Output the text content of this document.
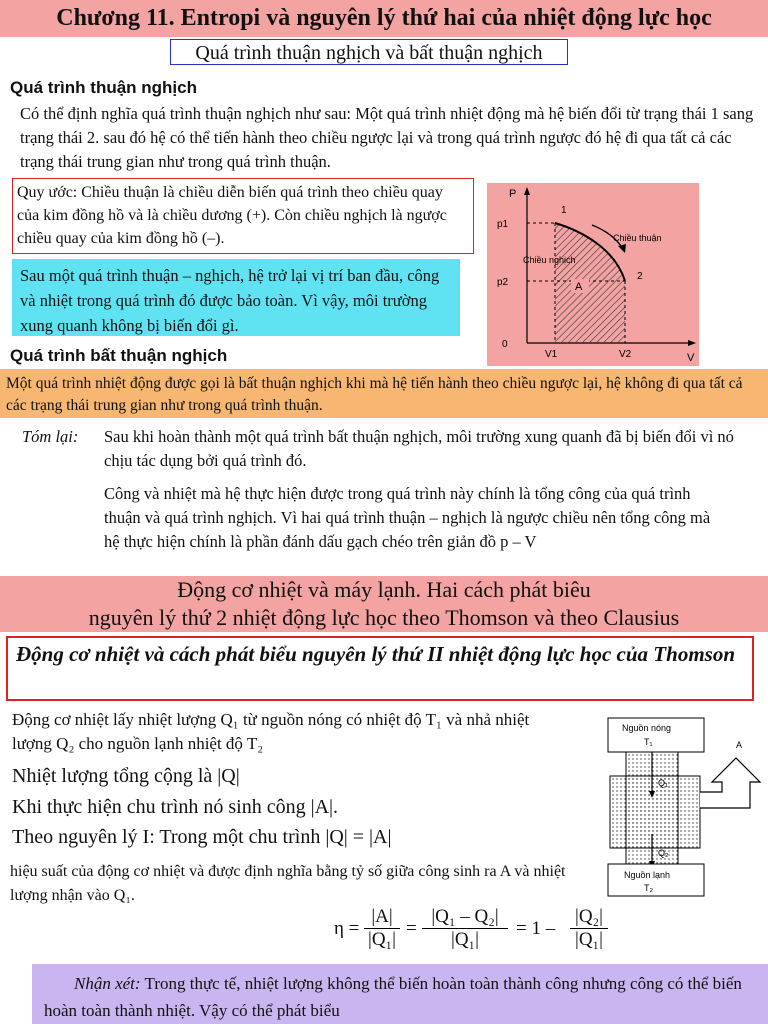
Chương 11. Entropi và nguyên lý thứ hai của nhiệt động lực học
Quá trình thuận nghịch và bất thuận nghịch
Quá trình thuận nghịch
Có thể định nghĩa quá trình thuận nghịch như sau: Một quá trình nhiệt động mà hệ biến đổi từ trạng thái 1 sang trạng thái 2. sau đó hệ có thể tiến hành theo chiều ngược lại và trong quá trình ngược đó hệ đi qua tất cả các trạng thái trung gian như trong quá trình thuận.
Quy ước: Chiều thuận là chiều diễn biến quá trình theo chiều quay của kim đồng hồ và là chiều dương (+). Còn chiều nghịch là ngược chiều quay của kim đồng hồ (–).
Sau một quá trình thuận – nghịch, hệ trở lại vị trí ban đầu, công và nhiệt trong quá trình đó được bảo toàn. Vì vậy, môi trường xung quanh không bị biến đổi gì.
P
V
0
p1
p2
V1	V2
1
2
Chiều thuận
Chiều nghịch
A
Quá trình bất thuận nghịch
Một quá trình nhiệt động được gọi là bất thuận nghịch khi mà hệ tiến hành theo chiều ngược lại, hệ không đi qua tất cả các trạng thái trung gian như trong quá trình thuận.
Tóm lại: Sau khi hoàn thành một quá trình bất thuận nghịch, môi trường xung quanh đã bị biến đổi vì nó chịu tác dụng bởi quá trình đó.
Công và nhiệt mà hệ thực hiện được trong quá trình này chính là tổng công của quá trình thuận và quá trình nghịch. Vì hai quá trình thuận – nghịch là ngược chiều nên tổng công mà hệ thực hiện chính là phần đánh dấu gạch chéo trên giản đồ p – V
Động cơ nhiệt và máy lạnh. Hai cách phát biêu
nguyên lý thứ 2 nhiệt động lực học theo Thomson và theo Clausius
Động cơ nhiệt và cách phát biểu nguyên lý thứ II nhiệt động lực học của Thomson
Động cơ nhiệt lấy nhiệt lượng Q₁ từ nguồn nóng có nhiệt độ T₁ và nhả nhiệt lượng Q₂ cho nguồn lạnh nhiệt độ T₂
Nhiệt lượng tổng cộng là |Q|
Khi thực hiện chu trình nó sinh công |A|.
Theo nguyên lý I: Trong một chu trình |Q| = |A|
hiệu suất của động cơ nhiệt và được định nghĩa bằng tỷ số giữa công sinh ra A và nhiệt lượng nhận vào Q₁.
Nguồn nóng
T₁
Q₁
Q₂
Nguồn lạnh
T₂
A
η =
|A|
|Q₁|
=
|Q₁ – Q₂|
|Q₁|
= 1 –
|Q₂|
|Q₁|
Nhận xét: Trong thực tế, nhiệt lượng không thể biến hoàn toàn thành công nhưng công có thể biến hoàn toàn thành nhiệt. Vậy có thể phát biểu
